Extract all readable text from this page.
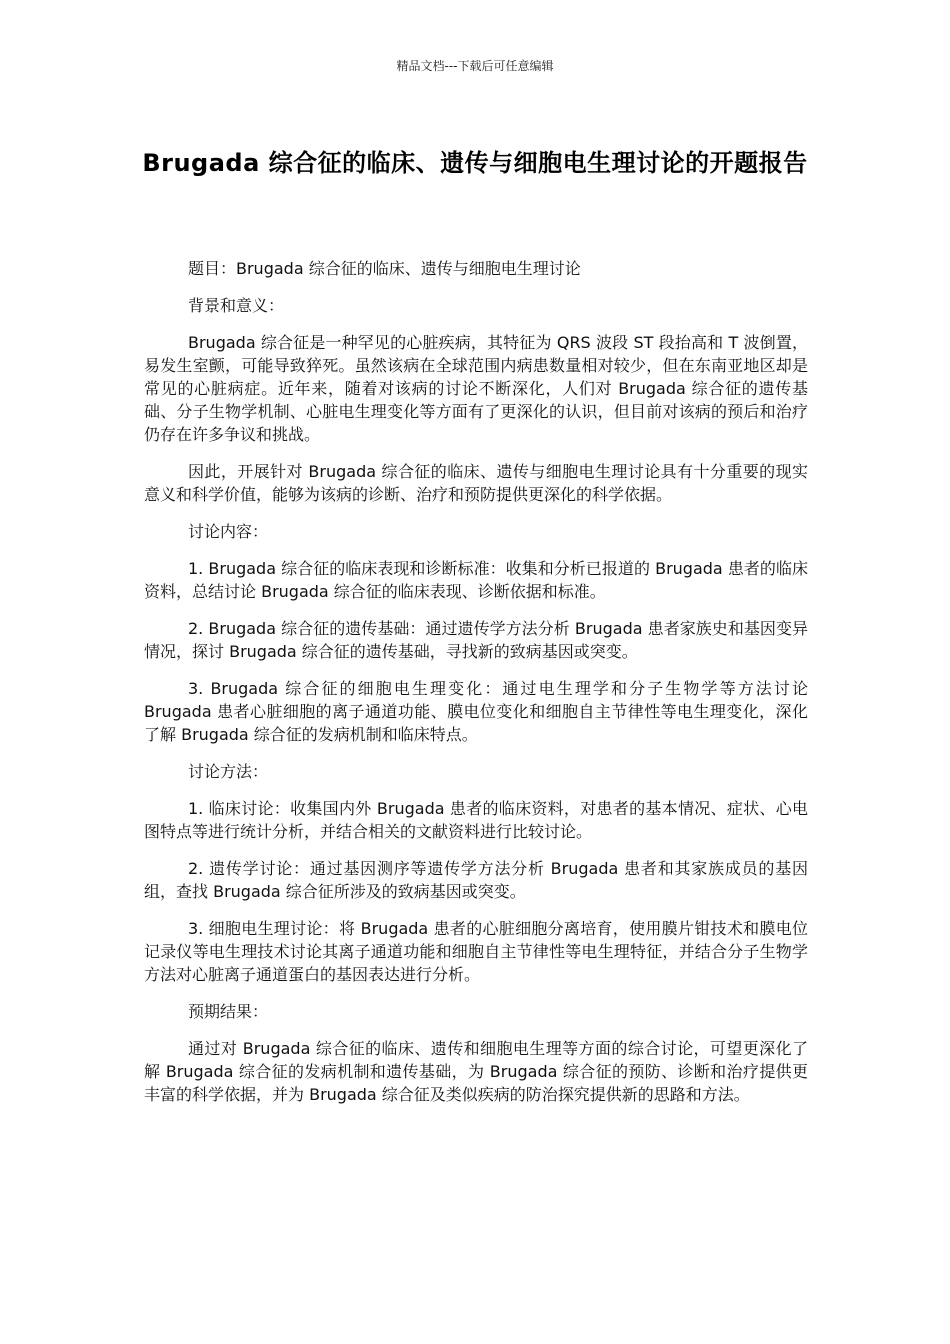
精品文档---下载后可任意编辑
Brugada 综合征的临床、遗传与细胞电生理讨论的开题报告

题目：Brugada 综合征的临床、遗传与细胞电生理讨论

背景和意义：

Brugada 综合征是一种罕见的心脏疾病，其特征为 QRS 波段 ST 段抬高和 T 波倒置，易发生室颤，可能导致猝死。虽然该病在全球范围内病患数量相对较少，但在东南亚地区却是常见的心脏病症。近年来，随着对该病的讨论不断深化，人们对 Brugada 综合征的遗传基础、分子生物学机制、心脏电生理变化等方面有了更深化的认识，但目前对该病的预后和治疗仍存在许多争议和挑战。

因此，开展针对 Brugada 综合征的临床、遗传与细胞电生理讨论具有十分重要的现实意义和科学价值，能够为该病的诊断、治疗和预防提供更深化的科学依据。

讨论内容：

1. Brugada 综合征的临床表现和诊断标准：收集和分析已报道的 Brugada 患者的临床资料，总结讨论 Brugada 综合征的临床表现、诊断依据和标准。

2. Brugada 综合征的遗传基础：通过遗传学方法分析 Brugada 患者家族史和基因变异情况，探讨 Brugada 综合征的遗传基础，寻找新的致病基因或突变。

3. Brugada 综合征的细胞电生理变化：通过电生理学和分子生物学等方法讨论 Brugada 患者心脏细胞的离子通道功能、膜电位变化和细胞自主节律性等电生理变化，深化了解 Brugada 综合征的发病机制和临床特点。

讨论方法：

1. 临床讨论：收集国内外 Brugada 患者的临床资料，对患者的基本情况、症状、心电图特点等进行统计分析，并结合相关的文献资料进行比较讨论。

2. 遗传学讨论：通过基因测序等遗传学方法分析 Brugada 患者和其家族成员的基因组，查找 Brugada 综合征所涉及的致病基因或突变。

3. 细胞电生理讨论：将 Brugada 患者的心脏细胞分离培育，使用膜片钳技术和膜电位记录仪等电生理技术讨论其离子通道功能和细胞自主节律性等电生理特征，并结合分子生物学方法对心脏离子通道蛋白的基因表达进行分析。

预期结果：

通过对 Brugada 综合征的临床、遗传和细胞电生理等方面的综合讨论，可望更深化了解 Brugada 综合征的发病机制和遗传基础，为 Brugada 综合征的预防、诊断和治疗提供更丰富的科学依据，并为 Brugada 综合征及类似疾病的防治探究提供新的思路和方法。
